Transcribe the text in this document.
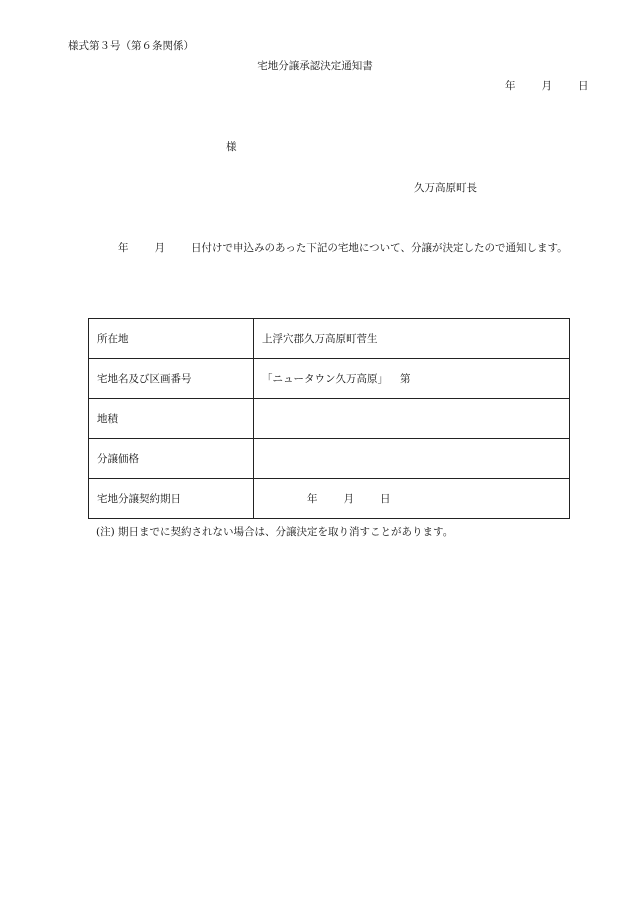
様式第３号（第６条関係）
宅地分譲承認決定通知書
年 月 日
様
久万高原町長
年 月 日付けで申込みのあった下記の宅地について、分譲が決定したので通知します。
所在地	上浮穴郡久万高原町菅生
宅地名及び区画番号	「ニュータウン久万高原」 第
地積	
分譲価格	
宅地分譲契約期日	年 月 日
(注) 期日までに契約されない場合は、分譲決定を取り消すことがあります。
